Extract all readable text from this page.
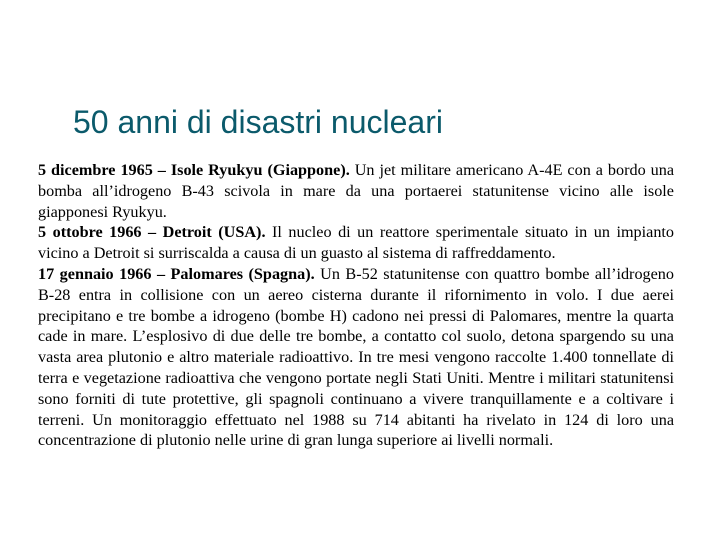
50 anni di disastri nucleari

5 dicembre 1965 – Isole Ryukyu (Giappone). Un jet militare americano A-4E con a bordo una bomba all’idrogeno B-43 scivola in mare da una portaerei statunitense vicino alle isole giapponesi Ryukyu.

5 ottobre 1966 – Detroit (USA). Il nucleo di un reattore sperimentale situato in un impianto vicino a Detroit si surriscalda a causa di un guasto al sistema di raffreddamento.

17 gennaio 1966 – Palomares (Spagna). Un B-52 statunitense con quattro bombe all’idrogeno B-28 entra in collisione con un aereo cisterna durante il rifornimento in volo. I due aerei precipitano e tre bombe a idrogeno (bombe H) cadono nei pressi di Palomares, mentre la quarta cade in mare. L’esplosivo di due delle tre bombe, a contatto col suolo, detona spargendo su una vasta area plutonio e altro materiale radioattivo. In tre mesi vengono raccolte 1.400 tonnellate di terra e vegetazione radioattiva che vengono portate negli Stati Uniti. Mentre i militari statunitensi sono forniti di tute protettive, gli spagnoli continuano a vivere tranquillamente e a coltivare i terreni. Un monitoraggio effettuato nel 1988 su 714 abitanti ha rivelato in 124 di loro una concentrazione di plutonio nelle urine di gran lunga superiore ai livelli normali.
